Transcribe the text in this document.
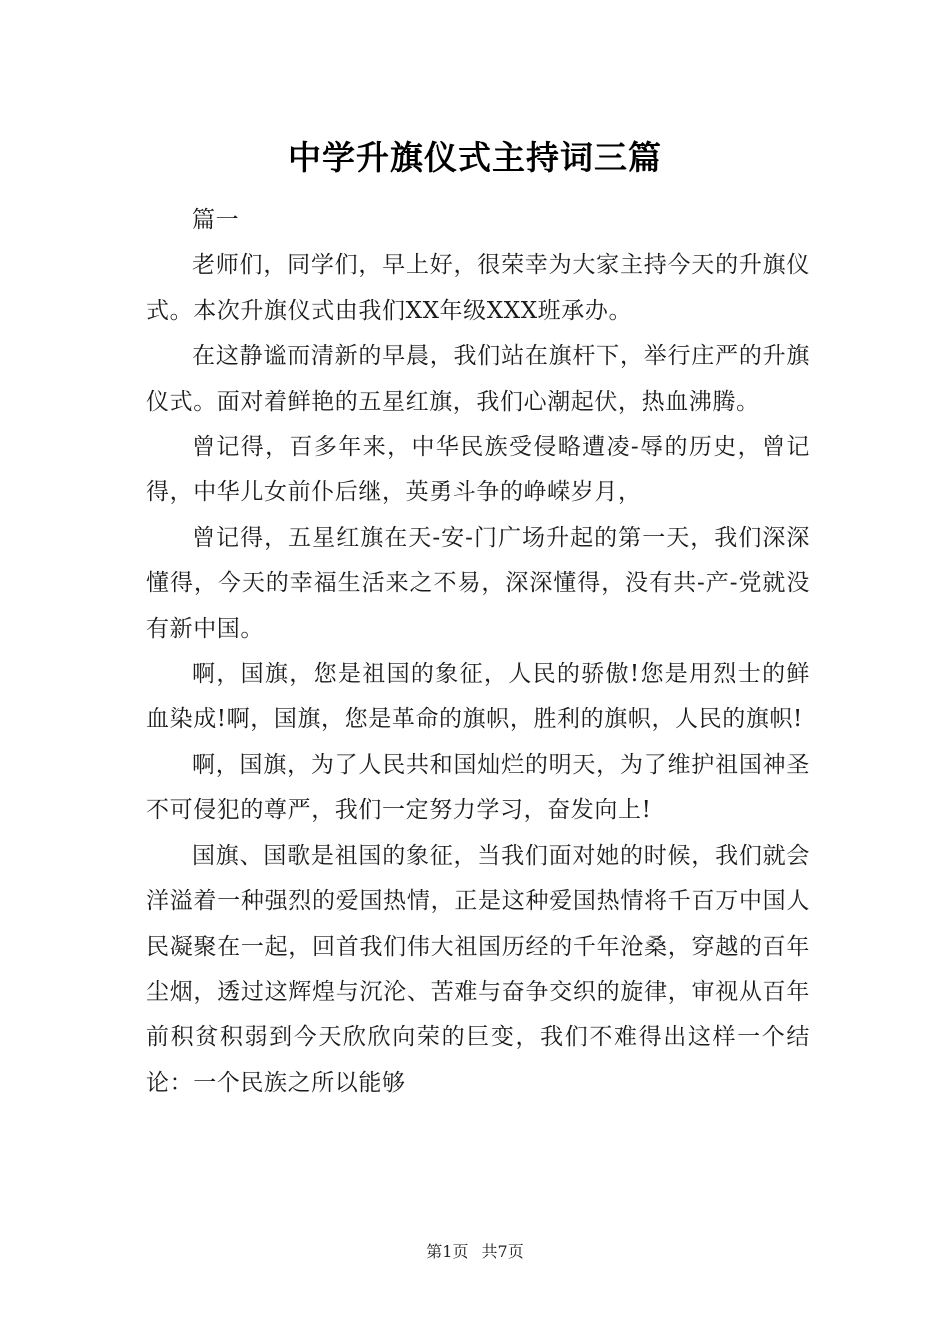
中学升旗仪式主持词三篇

篇一

老师们，同学们，早上好，很荣幸为大家主持今天的升旗仪式。本次升旗仪式由我们XX年级XXX班承办。

在这静谧而清新的早晨，我们站在旗杆下，举行庄严的升旗仪式。面对着鲜艳的五星红旗，我们心潮起伏，热血沸腾。

曾记得，百多年来，中华民族受侵略遭凌-辱的历史，曾记得，中华儿女前仆后继，英勇斗争的峥嵘岁月，

曾记得，五星红旗在天-安-门广场升起的第一天，我们深深懂得，今天的幸福生活来之不易，深深懂得，没有共-产-党就没有新中国。

啊，国旗，您是祖国的象征，人民的骄傲!您是用烈士的鲜血染成!啊，国旗，您是革命的旗帜，胜利的旗帜，人民的旗帜!

啊，国旗，为了人民共和国灿烂的明天，为了维护祖国神圣不可侵犯的尊严，我们一定努力学习，奋发向上!

国旗、国歌是祖国的象征，当我们面对她的时候，我们就会洋溢着一种强烈的爱国热情，正是这种爱国热情将千百万中国人民凝聚在一起，回首我们伟大祖国历经的千年沧桑，穿越的百年尘烟，透过这辉煌与沉沦、苦难与奋争交织的旋律，审视从百年前积贫积弱到今天欣欣向荣的巨变，我们不难得出这样一个结论：一个民族之所以能够

第1页 共7页
